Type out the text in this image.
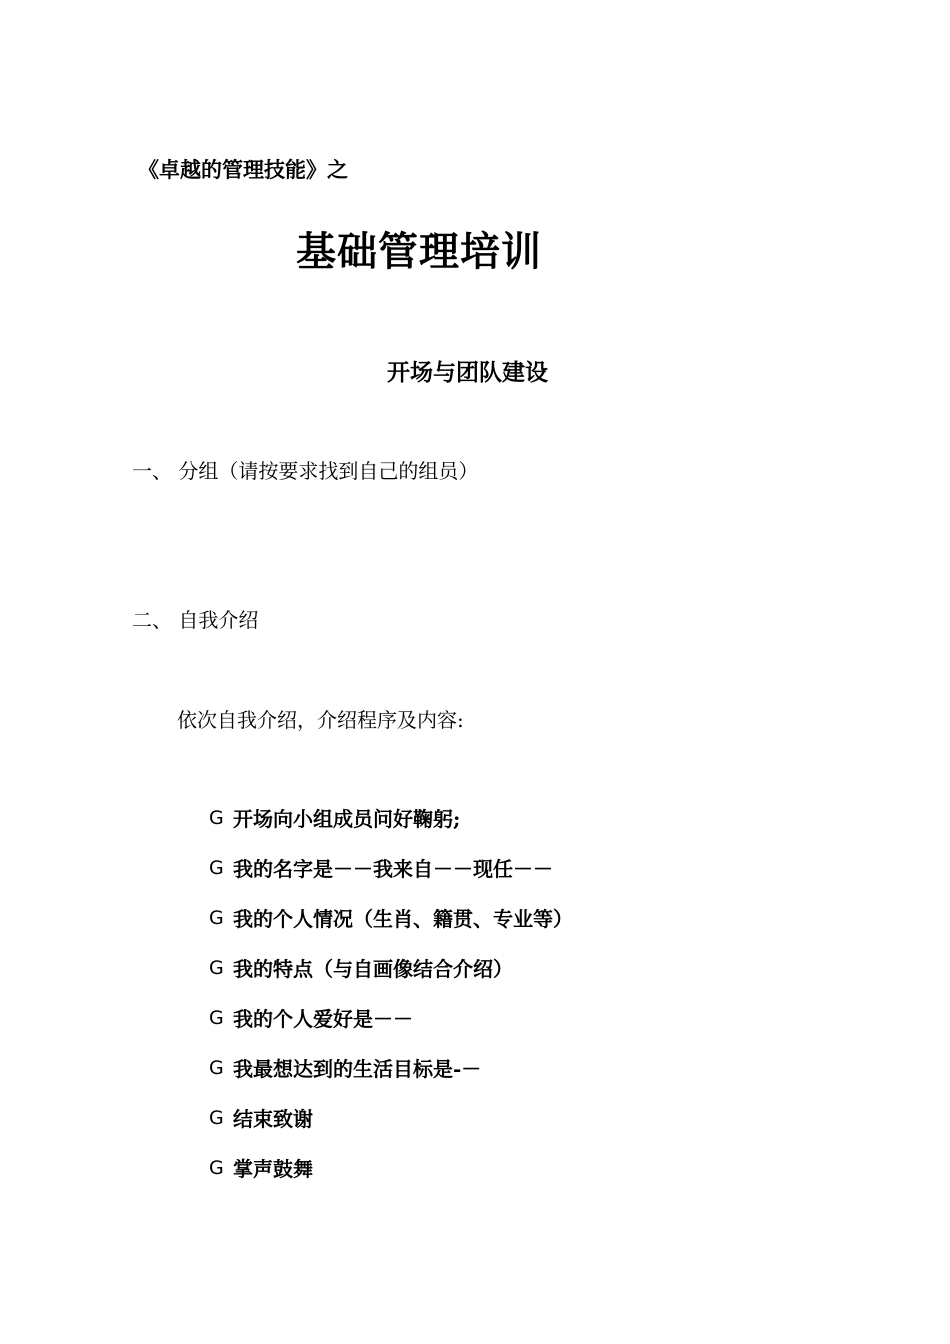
《卓越的管理技能》之
基础管理培训
开场与团队建设
一、 分组（请按要求找到自己的组员）
二、 自我介绍
依次自我介绍，介绍程序及内容:
G 开场向小组成员问好鞠躬;
G 我的名字是－－我来自－－现任－－
G 我的个人情况（生肖、籍贯、专业等）
G 我的特点（与自画像结合介绍）
G 我的个人爱好是－－
G 我最想达到的生活目标是-－
G 结束致谢
G 掌声鼓舞
